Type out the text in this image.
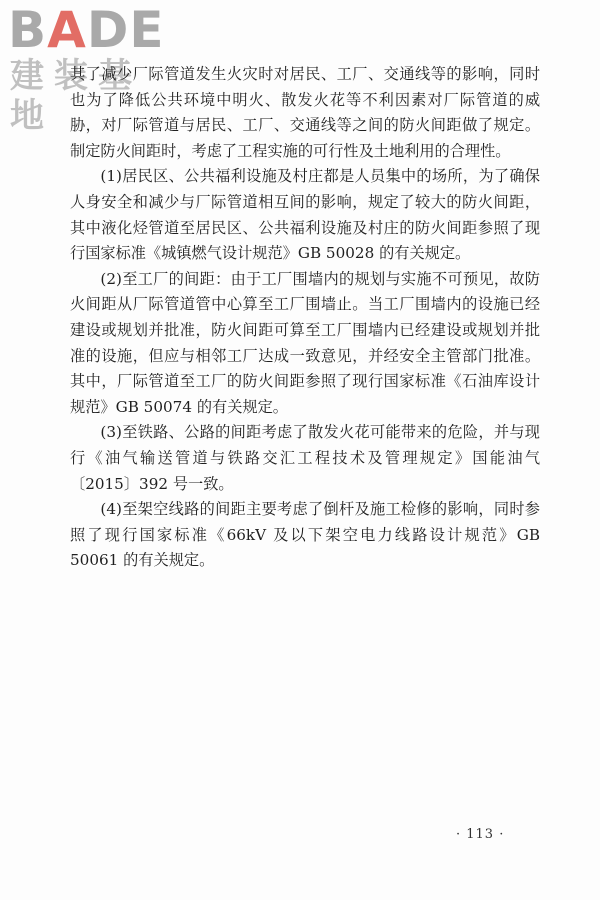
BADE
建装基地

其了减少厂际管道发生火灾时对居民、工厂、交通线等的影响，同时也为了降低公共环境中明火、散发火花等不利因素对厂际管道的威胁，对厂际管道与居民、工厂、交通线等之间的防火间距做了规定。制定防火间距时，考虑了工程实施的可行性及土地利用的合理性。

(1)居民区、公共福利设施及村庄都是人员集中的场所，为了确保人身安全和减少与厂际管道相互间的影响，规定了较大的防火间距，其中液化烃管道至居民区、公共福利设施及村庄的防火间距参照了现行国家标准《城镇燃气设计规范》GB 50028 的有关规定。

(2)至工厂的间距：由于工厂围墙内的规划与实施不可预见，故防火间距从厂际管道管中心算至工厂围墙止。当工厂围墙内的设施已经建设或规划并批准，防火间距可算至工厂围墙内已经建设或规划并批准的设施，但应与相邻工厂达成一致意见，并经安全主管部门批准。其中，厂际管道至工厂的防火间距参照了现行国家标准《石油库设计规范》GB 50074 的有关规定。

(3)至铁路、公路的间距考虑了散发火花可能带来的危险，并与现行《油气输送管道与铁路交汇工程技术及管理规定》国能油气〔2015〕392 号一致。

(4)至架空线路的间距主要考虑了倒杆及施工检修的影响，同时参照了现行国家标准《66kV 及以下架空电力线路设计规范》GB 50061 的有关规定。

· 113 ·
